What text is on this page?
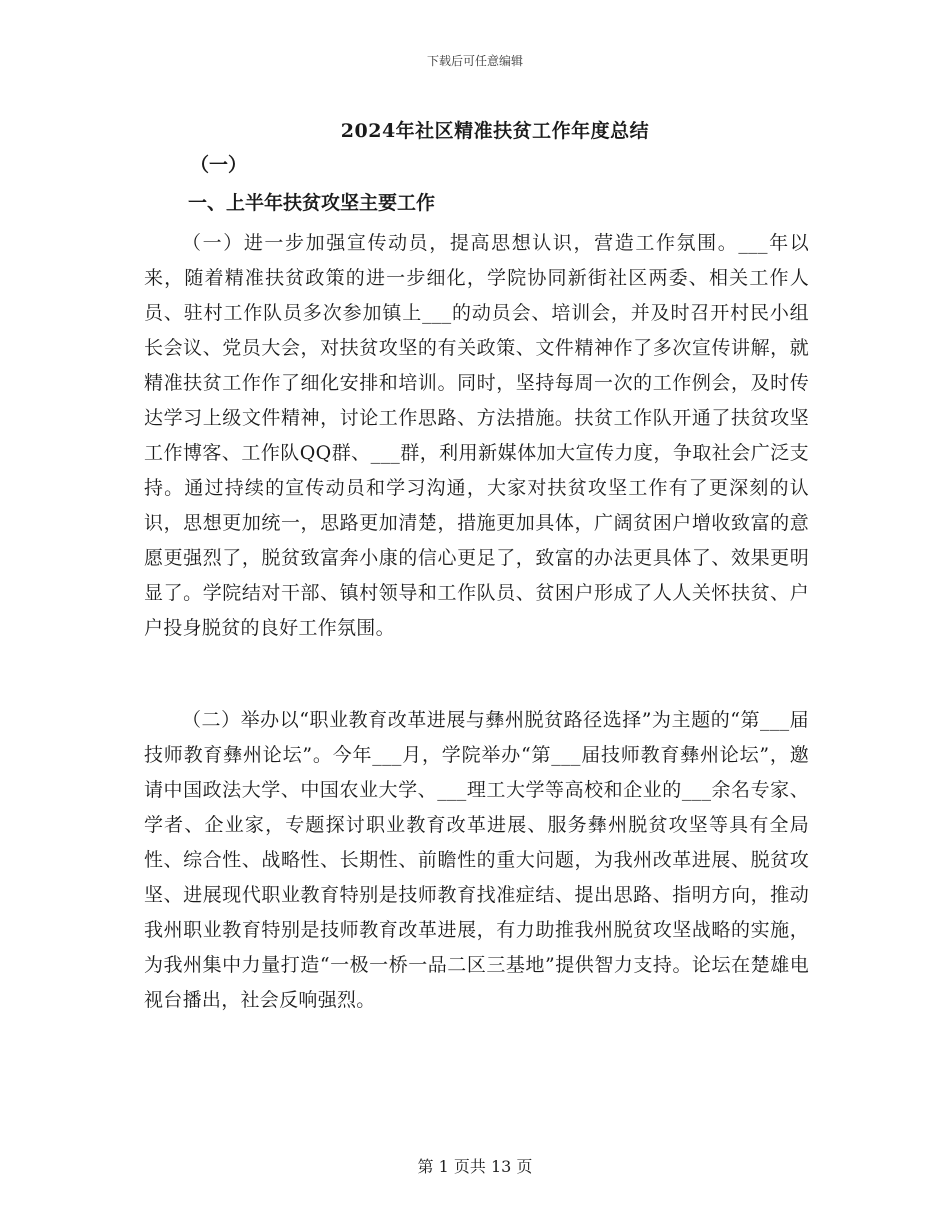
下载后可任意编辑
2024年社区精准扶贫工作年度总结
（一）
一、上半年扶贫攻坚主要工作

（一）进一步加强宣传动员，提高思想认识，营造工作氛围。___年以来，随着精准扶贫政策的进一步细化，学院协同新街社区两委、相关工作人员、驻村工作队员多次参加镇上___的动员会、培训会，并及时召开村民小组长会议、党员大会，对扶贫攻坚的有关政策、文件精神作了多次宣传讲解，就精准扶贫工作作了细化安排和培训。同时，坚持每周一次的工作例会，及时传达学习上级文件精神，讨论工作思路、方法措施。扶贫工作队开通了扶贫攻坚工作博客、工作队QQ群、___群，利用新媒体加大宣传力度，争取社会广泛支持。通过持续的宣传动员和学习沟通，大家对扶贫攻坚工作有了更深刻的认识，思想更加统一，思路更加清楚，措施更加具体，广阔贫困户增收致富的意愿更强烈了，脱贫致富奔小康的信心更足了，致富的办法更具体了、效果更明显了。学院结对干部、镇村领导和工作队员、贫困户形成了人人关怀扶贫、户户投身脱贫的良好工作氛围。

（二）举办以“职业教育改革进展与彝州脱贫路径选择”为主题的“第___届技师教育彝州论坛”。今年___月，学院举办“第___届技师教育彝州论坛”，邀请中国政法大学、中国农业大学、___理工大学等高校和企业的___余名专家、学者、企业家，专题探讨职业教育改革进展、服务彝州脱贫攻坚等具有全局性、综合性、战略性、长期性、前瞻性的重大问题，为我州改革进展、脱贫攻坚、进展现代职业教育特别是技师教育找准症结、提出思路、指明方向，推动我州职业教育特别是技师教育改革进展，有力助推我州脱贫攻坚战略的实施，为我州集中力量打造“一极一桥一品二区三基地”提供智力支持。论坛在楚雄电视台播出，社会反响强烈。

第 1 页共 13 页
